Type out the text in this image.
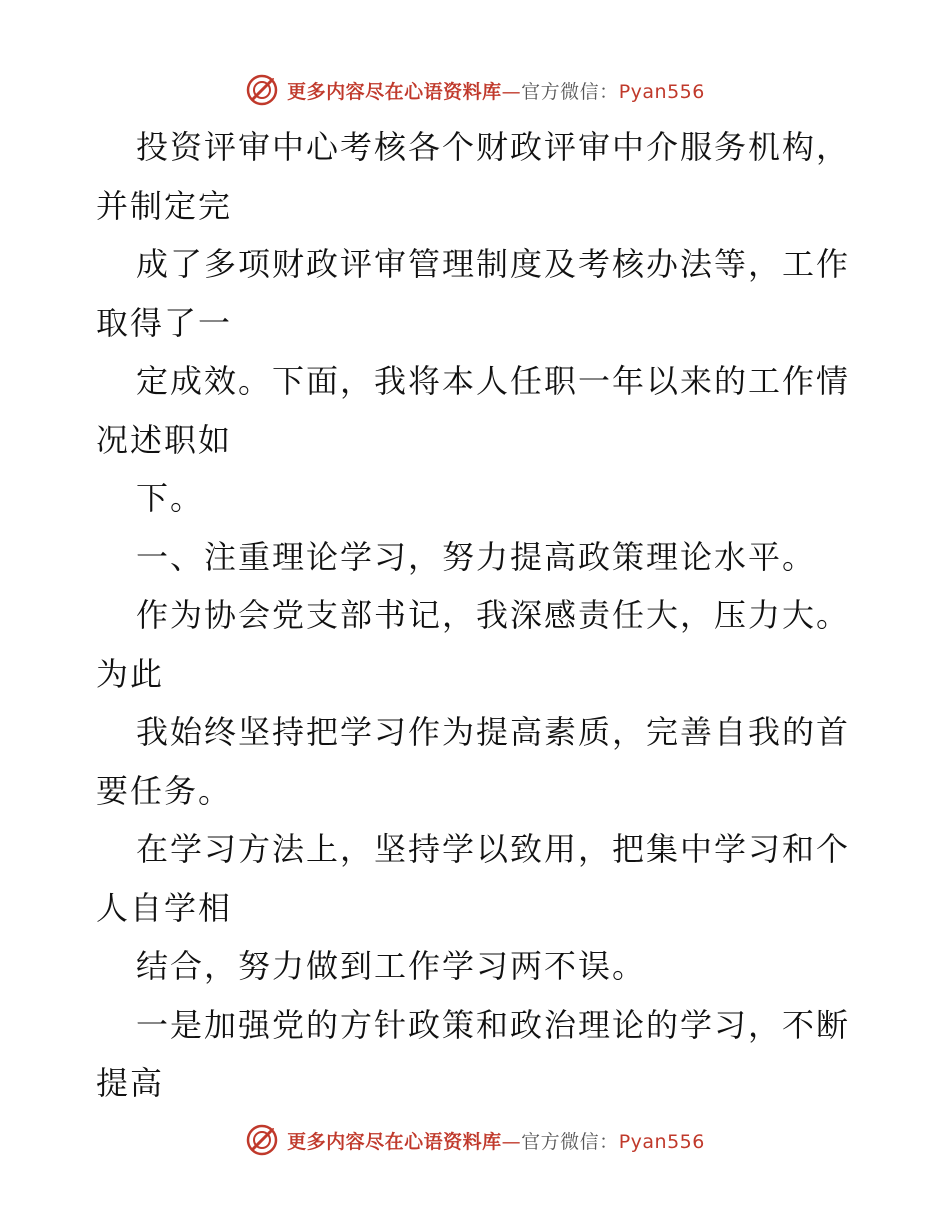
更多内容尽在心语资料库—官方微信：Pyan556

投资评审中心考核各个财政评审中介服务机构，

并制定完

成了多项财政评审管理制度及考核办法等，工作

取得了一

定成效。下面，我将本人任职一年以来的工作情

况述职如

下。

一、注重理论学习，努力提高政策理论水平。

作为协会党支部书记，我深感责任大，压力大。

为此

我始终坚持把学习作为提高素质，完善自我的首

要任务。

在学习方法上，坚持学以致用，把集中学习和个

人自学相

结合，努力做到工作学习两不误。

一是加强党的方针政策和政治理论的学习，不断

提高

更多内容尽在心语资料库—官方微信：Pyan556
